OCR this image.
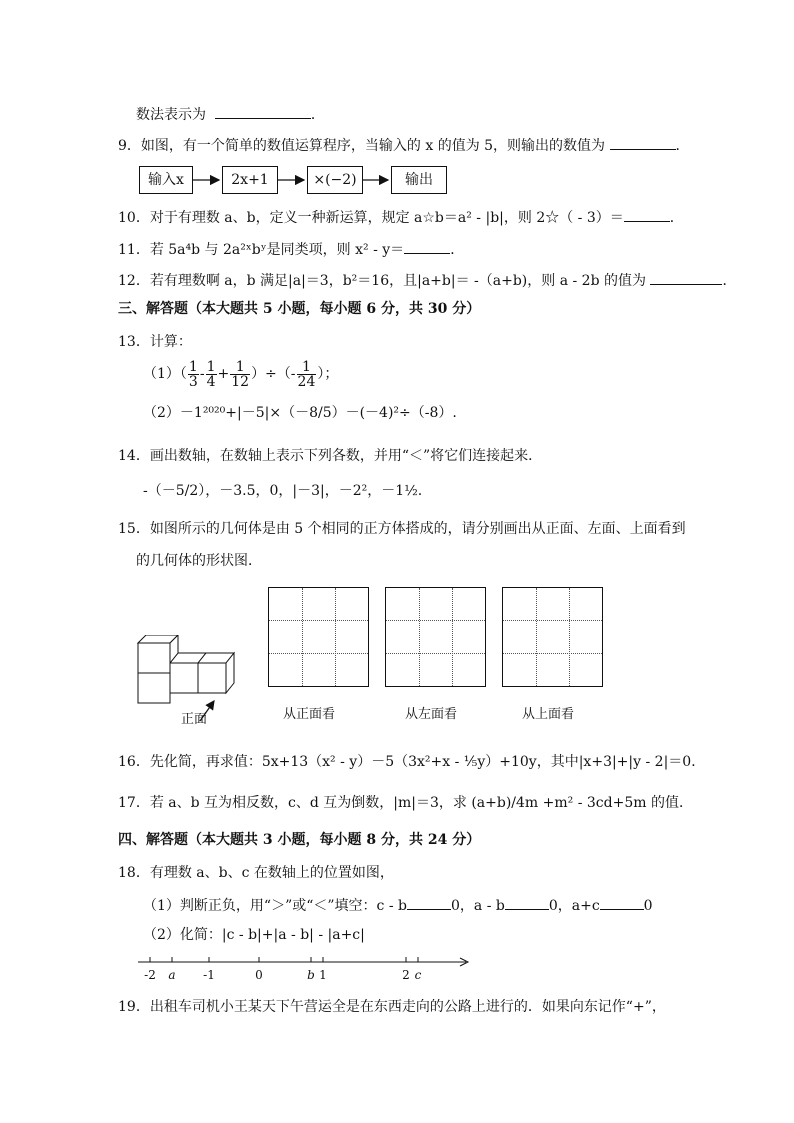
数法表示为	．
9．如图，有一个简单的数值运算程序，当输入的 x 的值为 5，则输出的数值为	．
输入x	2x+1	×(−2)	输出
10．对于有理数 a、b，定义一种新运算，规定 a☆b＝a² - |b|，则 2☆（ - 3）＝	．
11．若 5a⁴b 与 2a²ˣbʸ是同类项，则 x² - y＝	．
12．若有理数啊 a，b 满足|a|＝3，b²＝16，且|a+b|＝ -（a+b)，则 a - 2b 的值为	．
三、解答题（本大题共 5 小题，每小题 6 分，共 30 分）
13．计算：
$(1)( \frac{1}{3} - \frac{1}{4} + \frac{1}{12}$ ）÷（- $\frac{1}{24}$ ）；
（2）－1²⁰²⁰+|－5|×（－8/5）－(－4)²÷（-8）.
14．画出数轴，在数轴上表示下列各数，并用“＜”将它们连接起来．
-（－5/2），－3.5，0，|－3|，－2²，－1½.
15．如图所示的几何体是由 5 个相同的正方体搭成的，请分别画出从正面、左面、上面看到
的几何体的形状图．
正面	从正面看	从左面看	从上面看
16．先化简，再求值：5x+13（x² - y）－5（3x²+x - ⅕y）+10y，其中|x+3|+|y - 2|＝0．
17．若 a、b 互为相反数，c、d 互为倒数，|m|＝3，求 (a+b)/4m +m² - 3cd+5m 的值．
四、解答题（本大题共 3 小题，每小题 8 分，共 24 分）
18．有理数 a、b、c 在数轴上的位置如图，
（1）判断正负，用“＞”或“＜”填空：c - b	0，a - b	0，a+c	0
（2）化简：|c - b|+|a - b| - |a+c|
-2 a -1	0	b 1	2 c
19．出租车司机小王某天下午营运全是在东西走向的公路上进行的．如果向东记作“+”，
